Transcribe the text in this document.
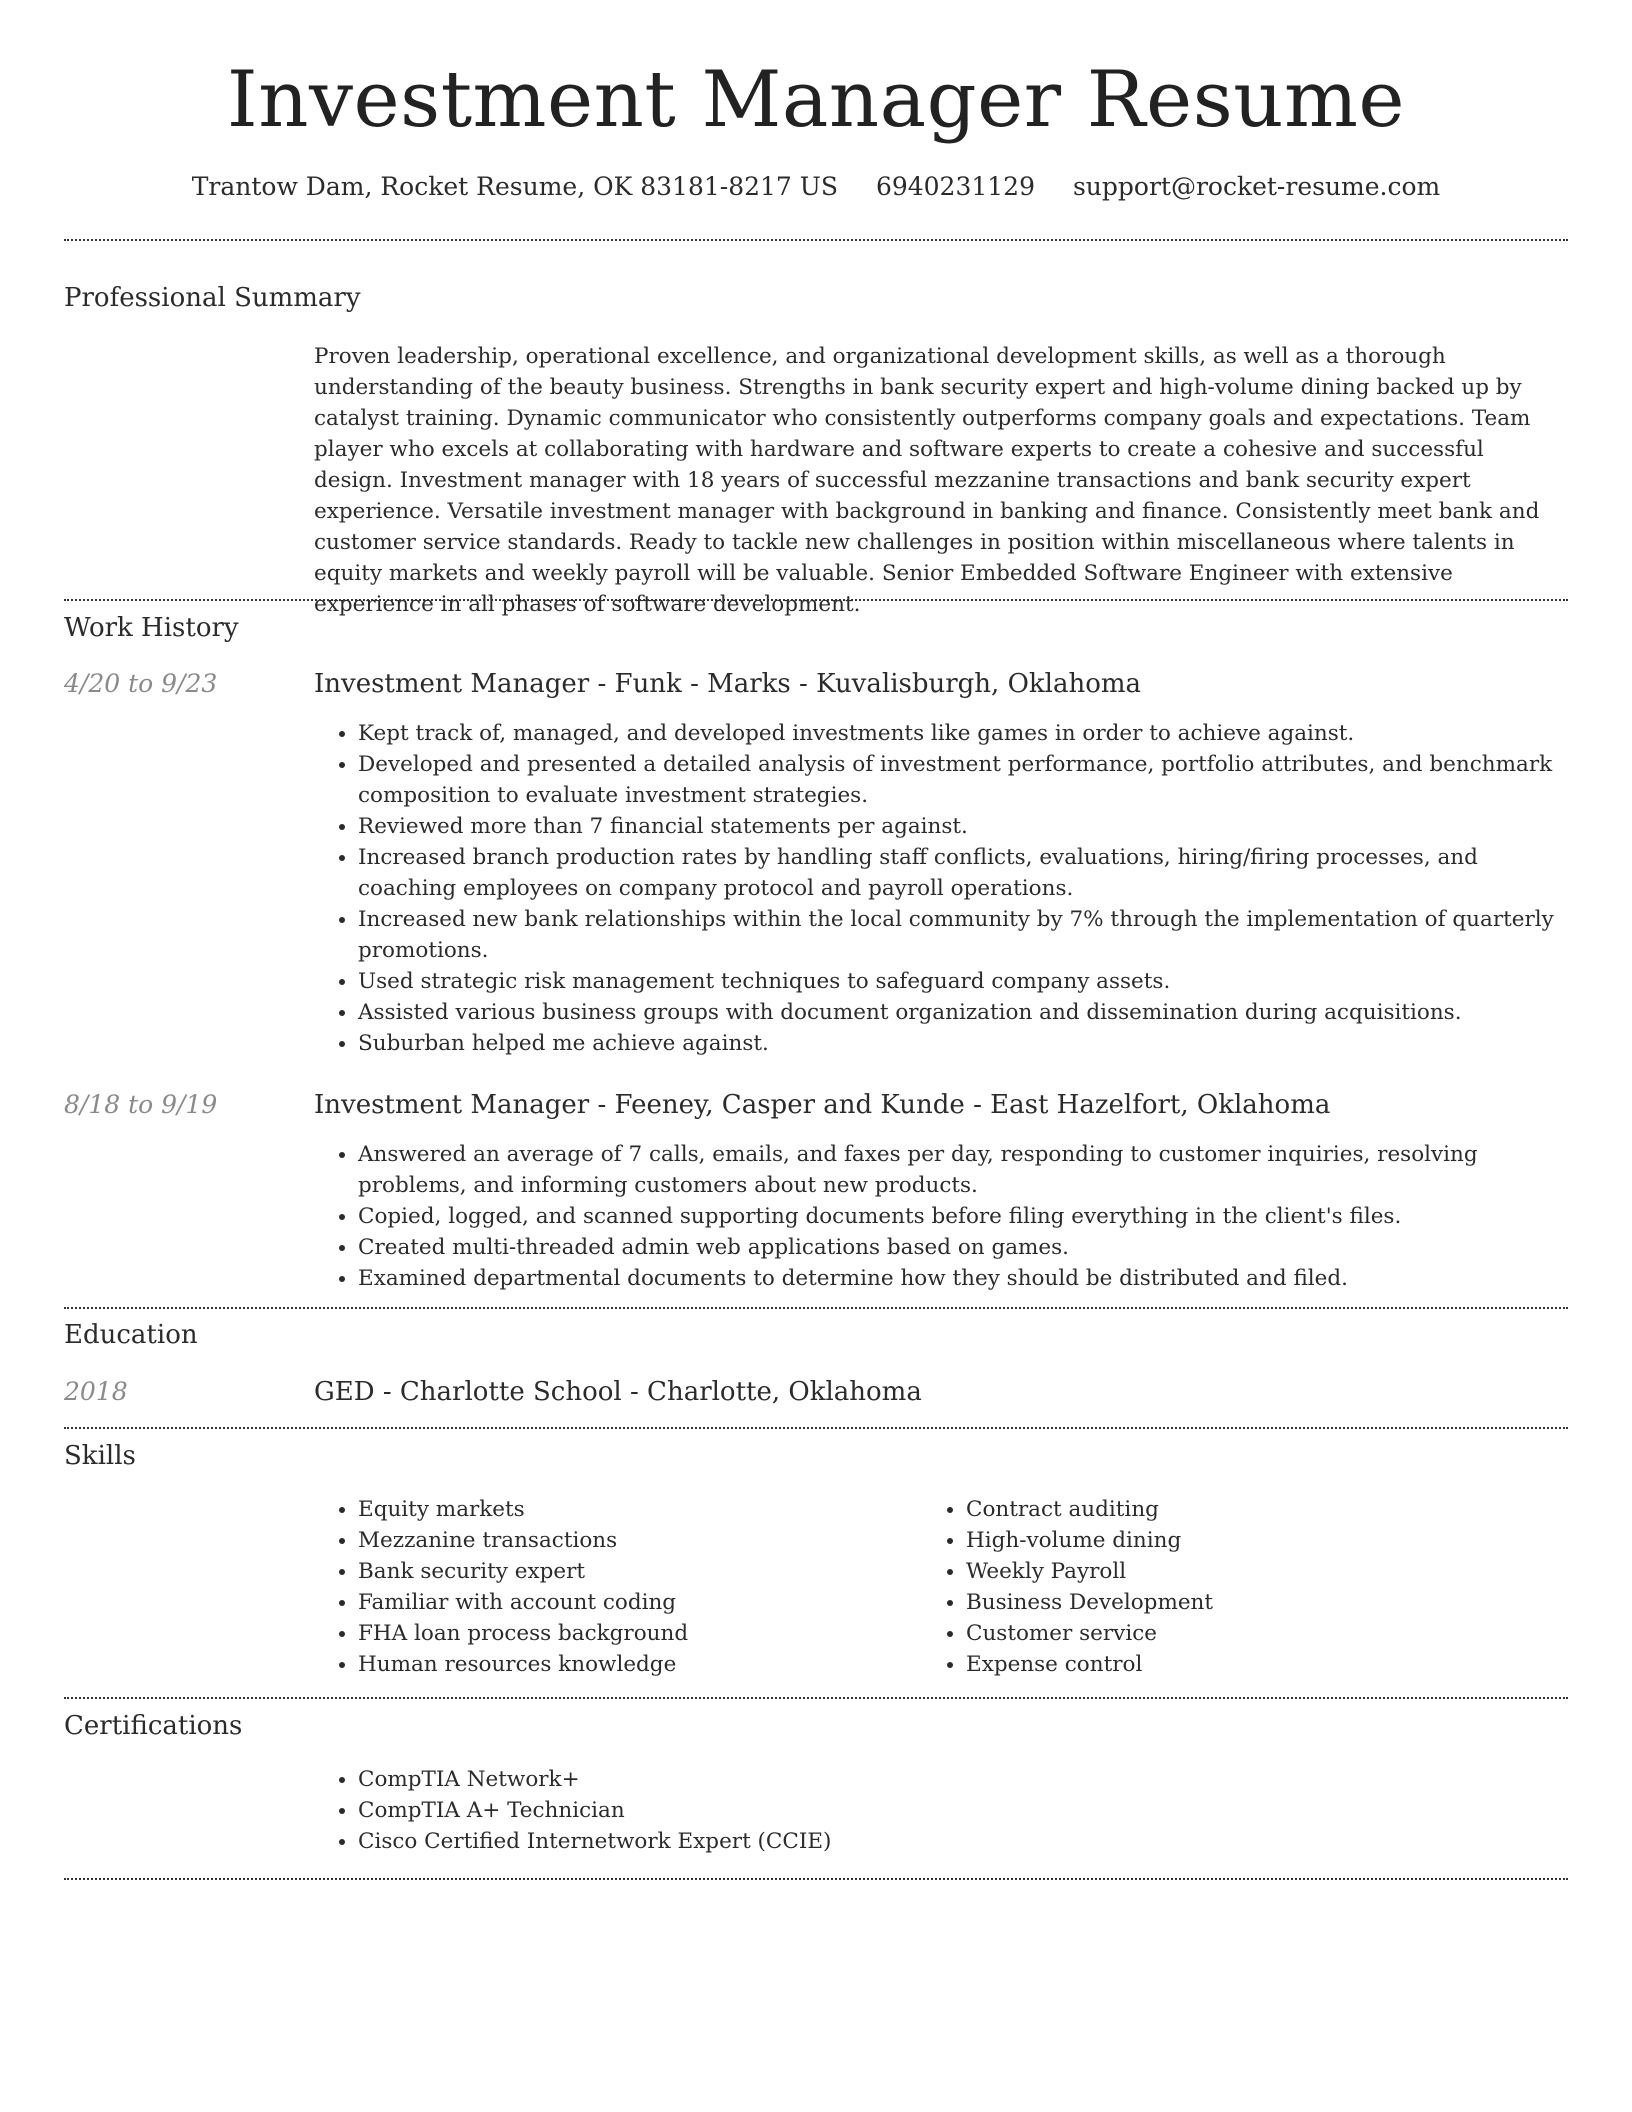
Investment Manager Resume
Trantow Dam, Rocket Resume, OK 83181-8217 US 6940231129 support@rocket-resume.com
Professional Summary
Proven leadership, operational excellence, and organizational development skills, as well as a thorough understanding of the beauty business. Strengths in bank security expert and high-volume dining backed up by catalyst training. Dynamic communicator who consistently outperforms company goals and expectations. Team player who excels at collaborating with hardware and software experts to create a cohesive and successful design. Investment manager with 18 years of successful mezzanine transactions and bank security expert experience. Versatile investment manager with background in banking and finance. Consistently meet bank and customer service standards. Ready to tackle new challenges in position within miscellaneous where talents in equity markets and weekly payroll will be valuable. Senior Embedded Software Engineer with extensive experience in all phases of software development.
Work History
4/20 to 9/23	Investment Manager - Funk - Marks - Kuvalisburgh, Oklahoma
• Kept track of, managed, and developed investments like games in order to achieve against.
• Developed and presented a detailed analysis of investment performance, portfolio attributes, and benchmark composition to evaluate investment strategies.
• Reviewed more than 7 financial statements per against.
• Increased branch production rates by handling staff conflicts, evaluations, hiring/firing processes, and coaching employees on company protocol and payroll operations.
• Increased new bank relationships within the local community by 7% through the implementation of quarterly promotions.
• Used strategic risk management techniques to safeguard company assets.
• Assisted various business groups with document organization and dissemination during acquisitions.
• Suburban helped me achieve against.
8/18 to 9/19	Investment Manager - Feeney, Casper and Kunde - East Hazelfort, Oklahoma
• Answered an average of 7 calls, emails, and faxes per day, responding to customer inquiries, resolving problems, and informing customers about new products.
• Copied, logged, and scanned supporting documents before filing everything in the client's files.
• Created multi-threaded admin web applications based on games.
• Examined departmental documents to determine how they should be distributed and filed.
Education
2018	GED - Charlotte School - Charlotte, Oklahoma
Skills
• Equity markets
• Mezzanine transactions
• Bank security expert
• Familiar with account coding
• FHA loan process background
• Human resources knowledge
• Contract auditing
• High-volume dining
• Weekly Payroll
• Business Development
• Customer service
• Expense control
Certifications
• CompTIA Network+
• CompTIA A+ Technician
• Cisco Certified Internetwork Expert (CCIE)
